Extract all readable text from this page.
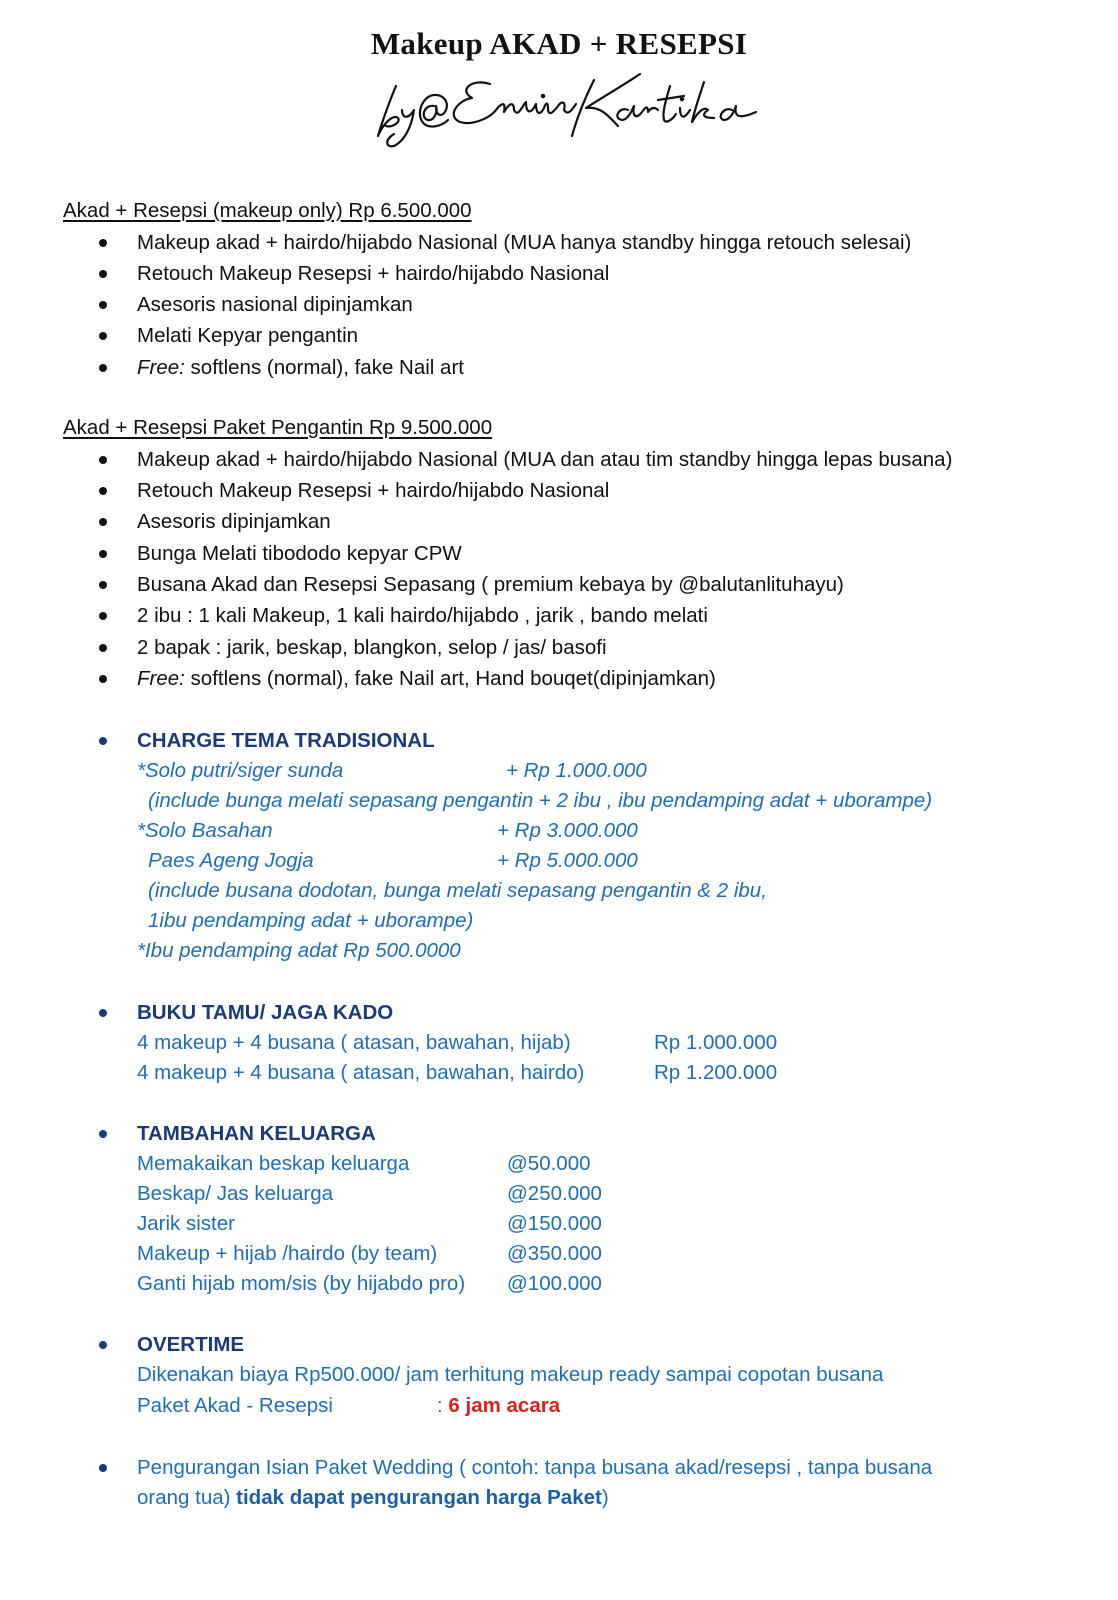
Makeup AKAD + RESEPSI
Akad + Resepsi (makeup only) Rp 6.500.000
Makeup akad + hairdo/hijabdo Nasional (MUA hanya standby hingga retouch selesai)
Retouch Makeup Resepsi + hairdo/hijabdo Nasional
Asesoris nasional dipinjamkan
Melati Kepyar pengantin
Free: softlens (normal), fake Nail art
Akad + Resepsi Paket Pengantin Rp 9.500.000
Makeup akad + hairdo/hijabdo Nasional (MUA dan atau tim standby hingga lepas busana)
Retouch Makeup Resepsi + hairdo/hijabdo Nasional
Asesoris dipinjamkan
Bunga Melati tibododo kepyar CPW
Busana Akad dan Resepsi Sepasang ( premium kebaya by @balutanlituhayu)
2 ibu : 1 kali Makeup, 1 kali hairdo/hijabdo , jarik , bando melati
2 bapak : jarik, beskap, blangkon, selop / jas/ basofi
Free: softlens (normal), fake Nail art, Hand bouqet(dipinjamkan)
CHARGE TEMA TRADISIONAL
*Solo putri/siger sunda	+ Rp 1.000.000
(include bunga melati sepasang pengantin + 2 ibu , ibu pendamping adat + uborampe)
*Solo Basahan	+ Rp 3.000.000
Paes Ageng Jogja	+ Rp 5.000.000
(include busana dodotan, bunga melati sepasang pengantin & 2 ibu,
1ibu pendamping adat + uborampe)
*Ibu pendamping adat Rp 500.0000
BUKU TAMU/ JAGA KADO
4 makeup + 4 busana ( atasan, bawahan, hijab)	Rp 1.000.000
4 makeup + 4 busana ( atasan, bawahan, hairdo)	Rp 1.200.000
TAMBAHAN KELUARGA
Memakaikan beskap keluarga	@50.000
Beskap/ Jas keluarga	@250.000
Jarik sister	@150.000
Makeup + hijab /hairdo (by team)	@350.000
Ganti hijab mom/sis (by hijabdo pro) @100.000
OVERTIME
Dikenakan biaya Rp500.000/ jam terhitung makeup ready sampai copotan busana
Paket Akad - Resepsi	: 6 jam acara
Pengurangan Isian Paket Wedding ( contoh: tanpa busana akad/resepsi , tanpa busana
orang tua) tidak dapat pengurangan harga Paket)
